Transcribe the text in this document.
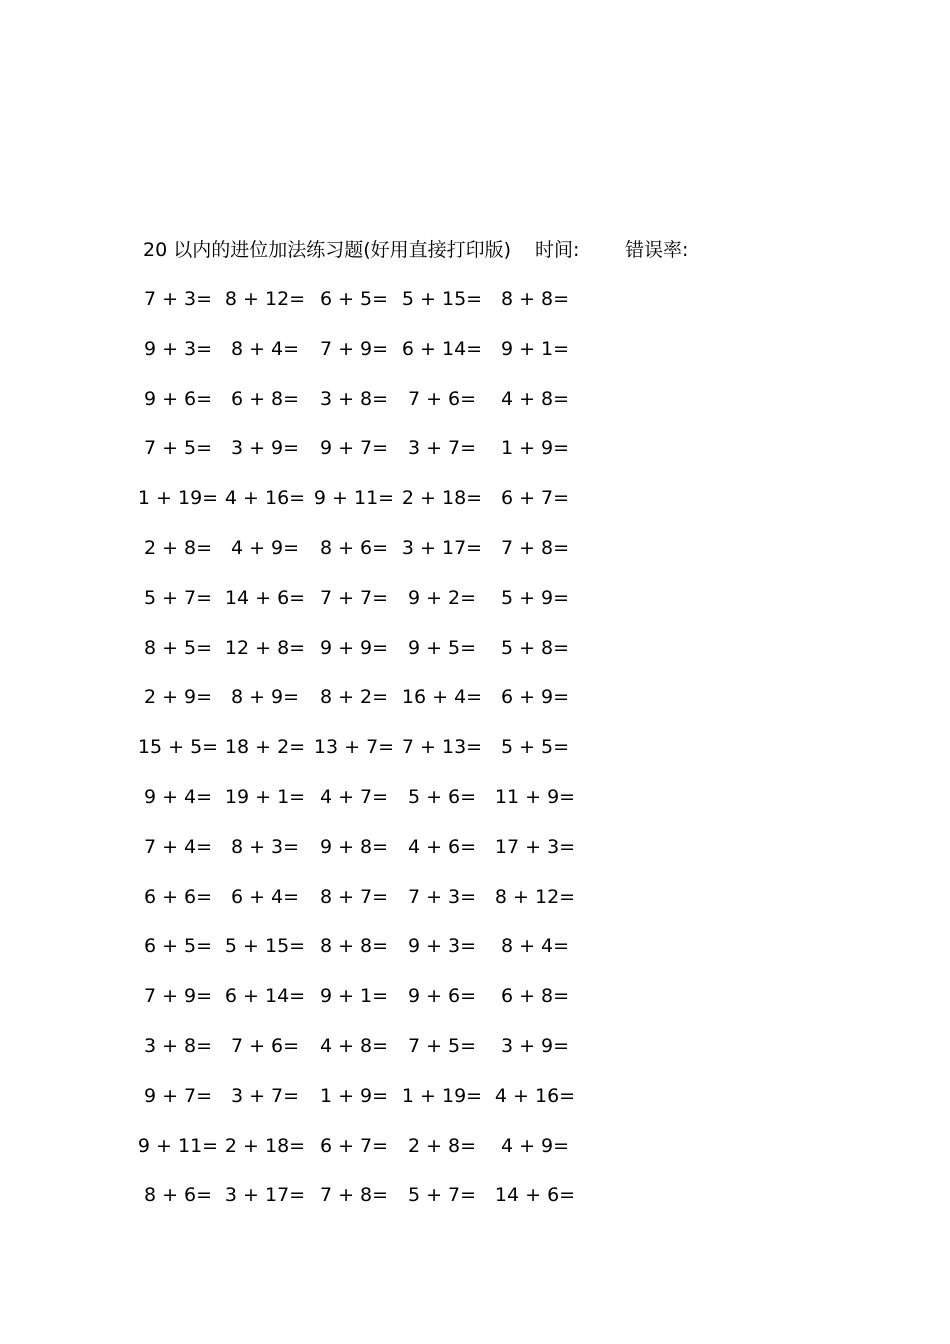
20 以内的进位加法练习题(好用直接打印版) 时间: 错误率:
7 + 3= 8 + 12= 6 + 5= 5 + 15= 8 + 8=
9 + 3= 8 + 4=	7 + 9= 6 + 14= 9 + 1=
9 + 6= 6 + 8=	3 + 8=	7 + 6=	4 + 8=
7 + 5= 3 + 9=	9 + 7=	3 + 7=	1 + 9=
1 + 19= 4 + 16= 9 + 11= 2 + 18= 6 + 7=
2 + 8= 4 + 9=	8 + 6= 3 + 17= 7 + 8=
5 + 7= 14 + 6= 7 + 7=	9 + 2=	5 + 9=
8 + 5= 12 + 8= 9 + 9=	9 + 5=	5 + 8=
2 + 9= 8 + 9=	8 + 2= 16 + 4= 6 + 9=
15 + 5= 18 + 2= 13 + 7= 7 + 13= 5 + 5=
9 + 4= 19 + 1= 4 + 7=	5 + 6= 11 + 9=
7 + 4= 8 + 3=	9 + 8=	4 + 6= 17 + 3=
6 + 6= 6 + 4=	8 + 7=	7 + 3= 8 + 12=
6 + 5= 5 + 15= 8 + 8=	9 + 3=	8 + 4=
7 + 9= 6 + 14= 9 + 1=	9 + 6=	6 + 8=
3 + 8= 7 + 6=	4 + 8=	7 + 5=	3 + 9=
9 + 7= 3 + 7=	1 + 9= 1 + 19= 4 + 16=
9 + 11= 2 + 18= 6 + 7=	2 + 8=	4 + 9=
8 + 6= 3 + 17= 7 + 8=	5 + 7= 14 + 6=
